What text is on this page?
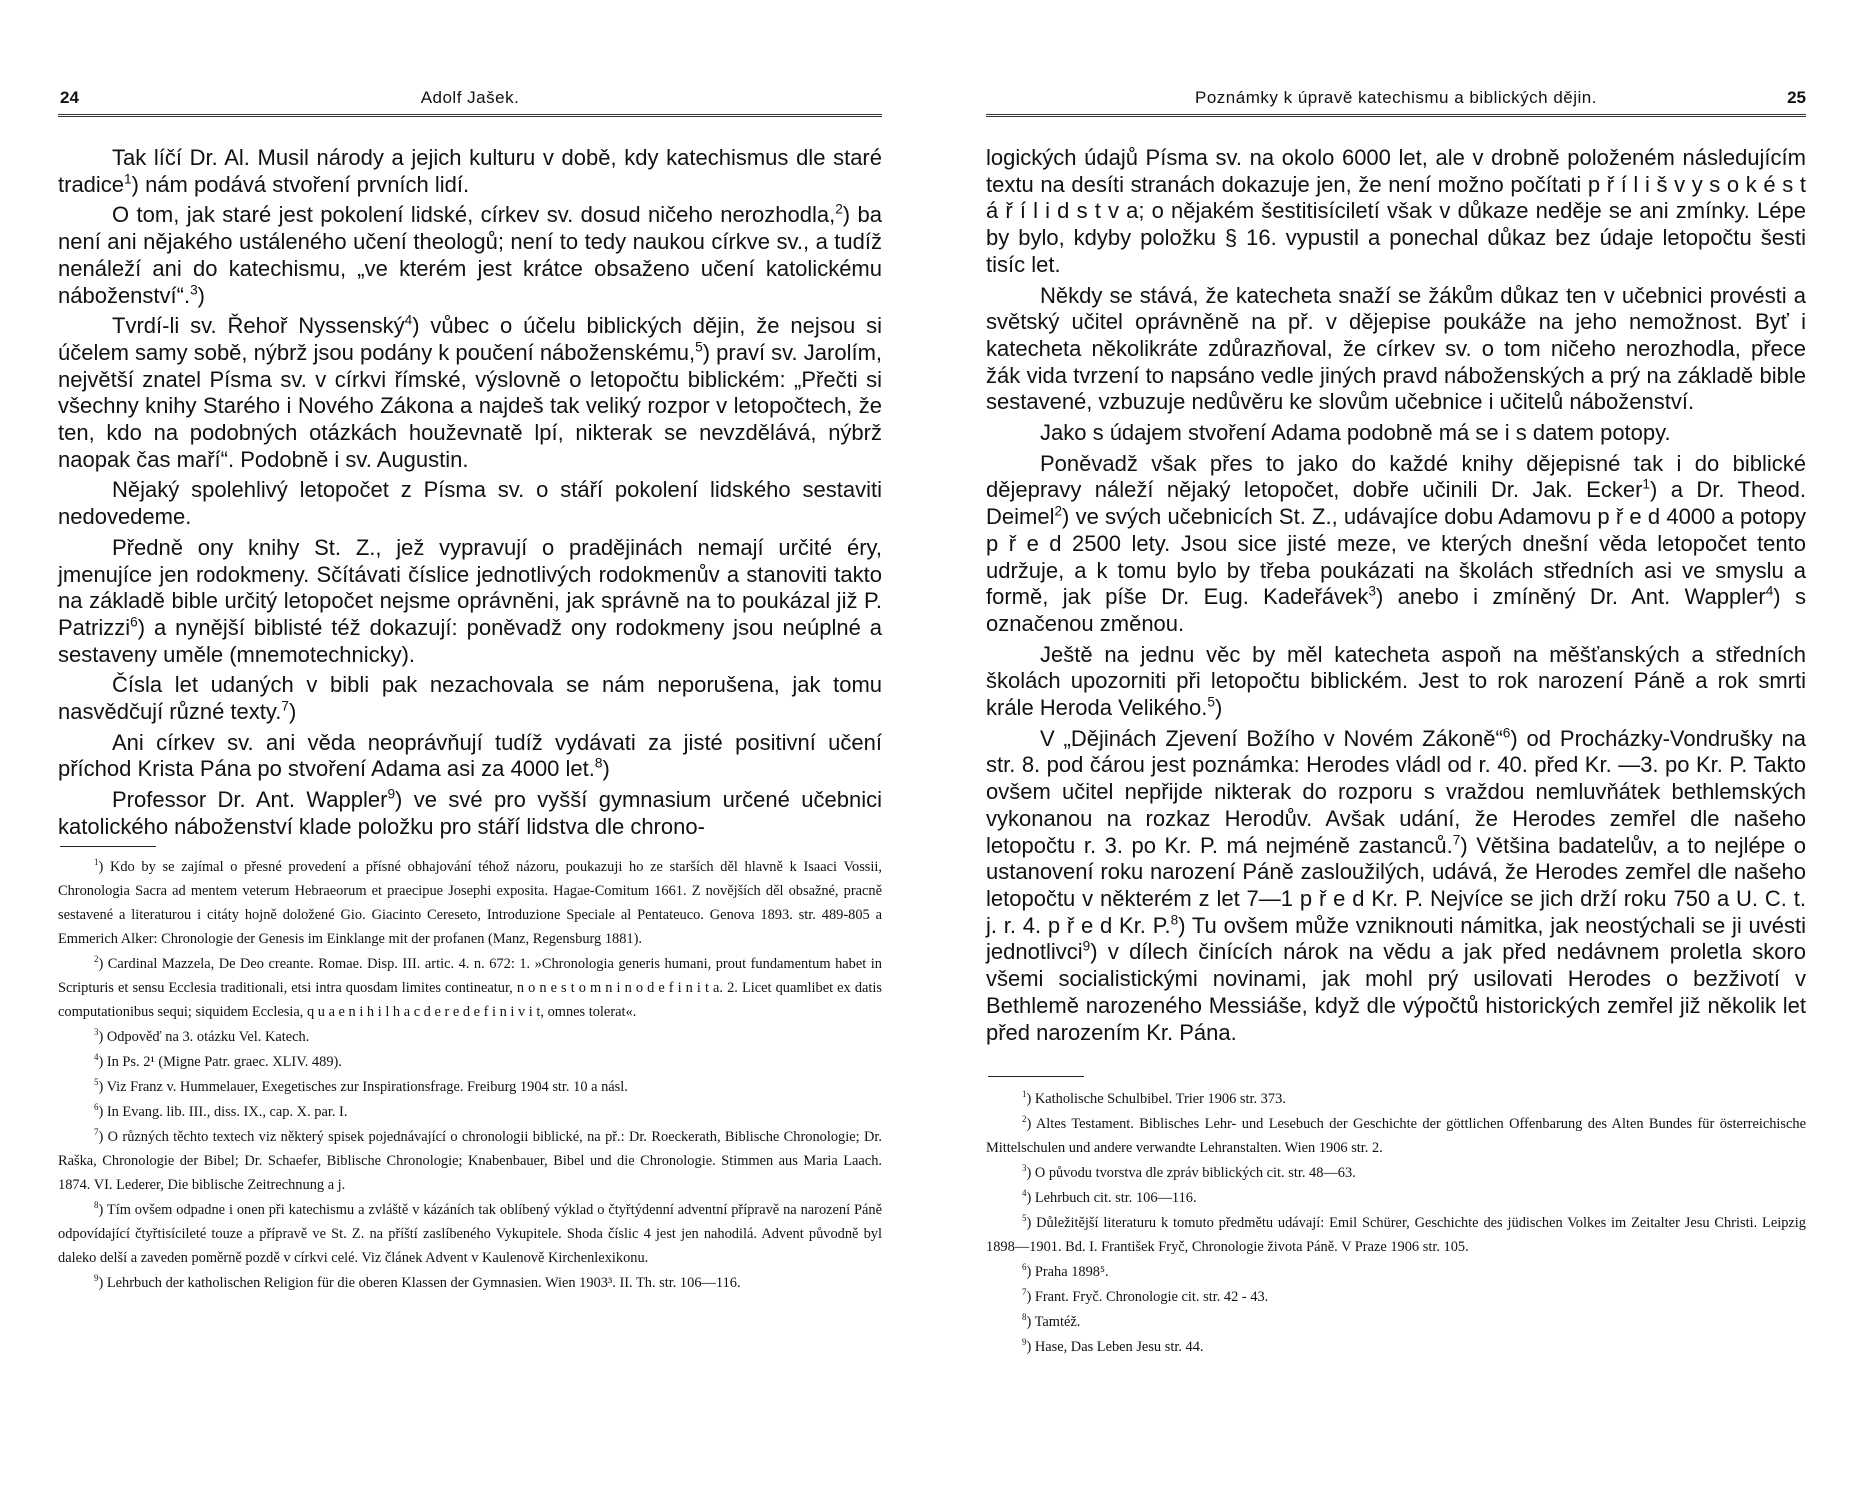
24	Adolf Jašek.

Tak líčí Dr. Al. Musil národy a jejich kulturu v době, kdy katechismus dle staré tradice$^1$) nám podává stvoření prvních lidí.

O tom, jak staré jest pokolení lidské, církev sv. dosud ničeho nerozhodla,$^2$) ba není ani nějakého ustáleného učení theologů; není to tedy naukou církve sv., a tudíž nenáleží ani do katechismu, „ve kterém jest krátce obsaženo učení katolickému náboženství“.$^3$)

Tvrdí-li sv. Řehoř Nyssenský$^4$) vůbec o účelu biblických dějin, že nejsou si účelem samy sobě, nýbrž jsou podány k poučení náboženskému,$^5$) praví sv. Jarolím, největší znatel Písma sv. v církvi římské, výslovně o letopočtu biblickém: „Přečti si všechny knihy Starého i Nového Zákona a najdeš tak veliký rozpor v letopočtech, že ten, kdo na podobných otázkách houževnatě lpí, nikterak se nevzdělává, nýbrž naopak čas maří“. Podobně i sv. Augustin.

Nějaký spolehlivý letopočet z Písma sv. o stáří pokolení lidského sestaviti nedovedeme.

Předně ony knihy St. Z., jež vypravují o pradějinách nemají určité éry, jmenujíce jen rodokmeny. Sčítávati číslice jednotlivých rodokmenův a stanoviti takto na základě bible určitý letopočet nejsme oprávněni, jak správně na to poukázal již P. Patrizzi$^6$) a nynější biblisté též dokazují: poněvadž ony rodokmeny jsou neúplné a sestaveny uměle (mnemotechnicky).

Čísla let udaných v bibli pak nezachovala se nám neporušena, jak tomu nasvědčují různé texty.$^7$)

Ani církev sv. ani věda neoprávňují tudíž vydávati za jisté positivní učení příchod Krista Pána po stvoření Adama asi za 4000 let.$^8$)

Professor Dr. Ant. Wappler$^9$) ve své pro vyšší gymnasium určené učebnici katolického náboženství klade položku pro stáří lidstva dle chrono-

$^1$) Kdo by se zajímal o přesné provedení a přísné obhajování téhož názoru, poukazuji ho ze starších děl hlavně k Isaaci Vossii, Chronologia Sacra ad mentem veterum Hebraeorum et praecipue Josephi exposita. Hagae-Comitum 1661. Z novějších děl obsažné, pracně sestavené a literaturou i citáty hojně doložené Gio. Giacinto Cereseto, Introduzione Speciale al Pentateuco. Genova 1893. str. 489-805 a Emmerich Alker: Chronologie der Genesis im Einklange mit der profanen (Manz, Regensburg 1881).

$^2$) Cardinal Mazzela, De Deo creante. Romae. Disp. III. artic. 4. n. 672: 1. »Chronologia generis humani, prout fundamentum habet in Scripturis et sensu Ecclesia traditionali, etsi intra quosdam limites contineatur, n o n e s t o m n i n o d e f i n i t a. 2. Licet quamlibet ex datis computationibus sequi; siquidem Ecclesia, q u a e n i h i l h a c d e r e d e f i n i v i t, omnes tolerat«.

$^3$) Odpověď na 3. otázku Vel. Katech.

$^4$) In Ps. 2¹ (Migne Patr. graec. XLIV. 489).

$^5$) Viz Franz v. Hummelauer, Exegetisches zur Inspirationsfrage. Freiburg 1904 str. 10 a násl.

$^6$) In Evang. lib. III., diss. IX., cap. X. par. I.

$^7$) O různých těchto textech viz některý spisek pojednávající o chronologii biblické, na př.: Dr. Roeckerath, Biblische Chronologie; Dr. Raška, Chronologie der Bibel; Dr. Schaefer, Biblische Chronologie; Knabenbauer, Bibel und die Chronologie. Stimmen aus Maria Laach. 1874. VI. Lederer, Die biblische Zeitrechnung a j.

$^8$) Tím ovšem odpadne i onen při katechismu a zvláště v kázáních tak oblíbený výklad o čtyřtýdenní adventní přípravě na narození Páně odpovídající čtyřtisícileté touze a přípravě ve St. Z. na příští zaslíbeného Vykupitele. Shoda číslic 4 jest jen nahodilá. Advent původně byl daleko delší a zaveden poměrně pozdě v církvi celé. Viz článek Advent v Kaulenově Kirchenlexikonu.

$^9$) Lehrbuch der katholischen Religion für die oberen Klassen der Gymnasien. Wien 1903³. II. Th. str. 106—116.

Poznámky k úpravě katechismu a biblických dějin.	25

logických údajů Písma sv. na okolo 6000 let, ale v drobně položeném následujícím textu na desíti stranách dokazuje jen, že není možno počítati p ř í l i š v y s o k é s t á ř í l i d s t v a; o nějakém šestitisíciletí však v důkaze neděje se ani zmínky. Lépe by bylo, kdyby položku § 16. vypustil a ponechal důkaz bez údaje letopočtu šesti tisíc let.

Někdy se stává, že katecheta snaží se žákům důkaz ten v učebnici provésti a světský učitel oprávněně na př. v dějepise poukáže na jeho nemožnost. Byť i katecheta několikráte zdůrazňoval, že církev sv. o tom ničeho nerozhodla, přece žák vida tvrzení to napsáno vedle jiných pravd náboženských a prý na základě bible sestavené, vzbuzuje nedůvěru ke slovům učebnice i učitelů náboženství.

Jako s údajem stvoření Adama podobně má se i s datem potopy.

Poněvadž však přes to jako do každé knihy dějepisné tak i do biblické dějepravy náleží nějaký letopočet, dobře učinili Dr. Jak. Ecker$^1$) a Dr. Theod. Deimel$^2$) ve svých učebnicích St. Z., udávajíce dobu Adamovu p ř e d 4000 a potopy p ř e d 2500 lety. Jsou sice jisté meze, ve kterých dnešní věda letopočet tento udržuje, a k tomu bylo by třeba poukázati na školách středních asi ve smyslu a formě, jak píše Dr. Eug. Kadeřávek$^3$) anebo i zmíněný Dr. Ant. Wappler$^4$) s označenou změnou.

Ještě na jednu věc by měl katecheta aspoň na měšťanských a středních školách upozorniti při letopočtu biblickém. Jest to rok narození Páně a rok smrti krále Heroda Velikého.$^5$)

V „Dějinách Zjevení Božího v Novém Zákoně“$^6$) od Procházky-Vondrušky na str. 8. pod čárou jest poznámka: Herodes vládl od r. 40. před Kr. —3. po Kr. P. Takto ovšem učitel nepřijde nikterak do rozporu s vraždou nemluvňátek bethlemských vykonanou na rozkaz Herodův. Avšak udání, že Herodes zemřel dle našeho letopočtu r. 3. po Kr. P. má nejméně zastanců.$^7$) Většina badatelův, a to nejlépe o ustanovení roku narození Páně zasloužilých, udává, že Herodes zemřel dle našeho letopočtu v některém z let 7—1 p ř e d Kr. P. Nejvíce se jich drží roku 750 a U. C. t. j. r. 4. p ř e d Kr. P.$^8$) Tu ovšem může vzniknouti námitka, jak neostýchali se ji uvésti jednotlivci$^9$) v dílech činících nárok na vědu a jak před nedávnem proletla skoro všemi socialistickými novinami, jak mohl prý usilovati Herodes o bezživotí v Bethlemě narozeného Messiáše, když dle výpočtů historických zemřel již několik let před narozením Kr. Pána.

$^1$) Katholische Schulbibel. Trier 1906 str. 373.

$^2$) Altes Testament. Biblisches Lehr- und Lesebuch der Geschichte der göttlichen Offenbarung des Alten Bundes für österreichische Mittelschulen und andere verwandte Lehranstalten. Wien 1906 str. 2.

$^3$) O původu tvorstva dle zpráv biblických cit. str. 48—63.

$^4$) Lehrbuch cit. str. 106—116.

$^5$) Důležitější literaturu k tomuto předmětu udávají: Emil Schürer, Geschichte des jüdischen Volkes im Zeitalter Jesu Christi. Leipzig 1898—1901. Bd. I. František Fryč, Chronologie života Páně. V Praze 1906 str. 105.

$^6$) Praha 1898⁵.

$^7$) Frant. Fryč. Chronologie cit. str. 42 - 43.

$^8$) Tamtéž.

$^9$) Hase, Das Leben Jesu str. 44.
